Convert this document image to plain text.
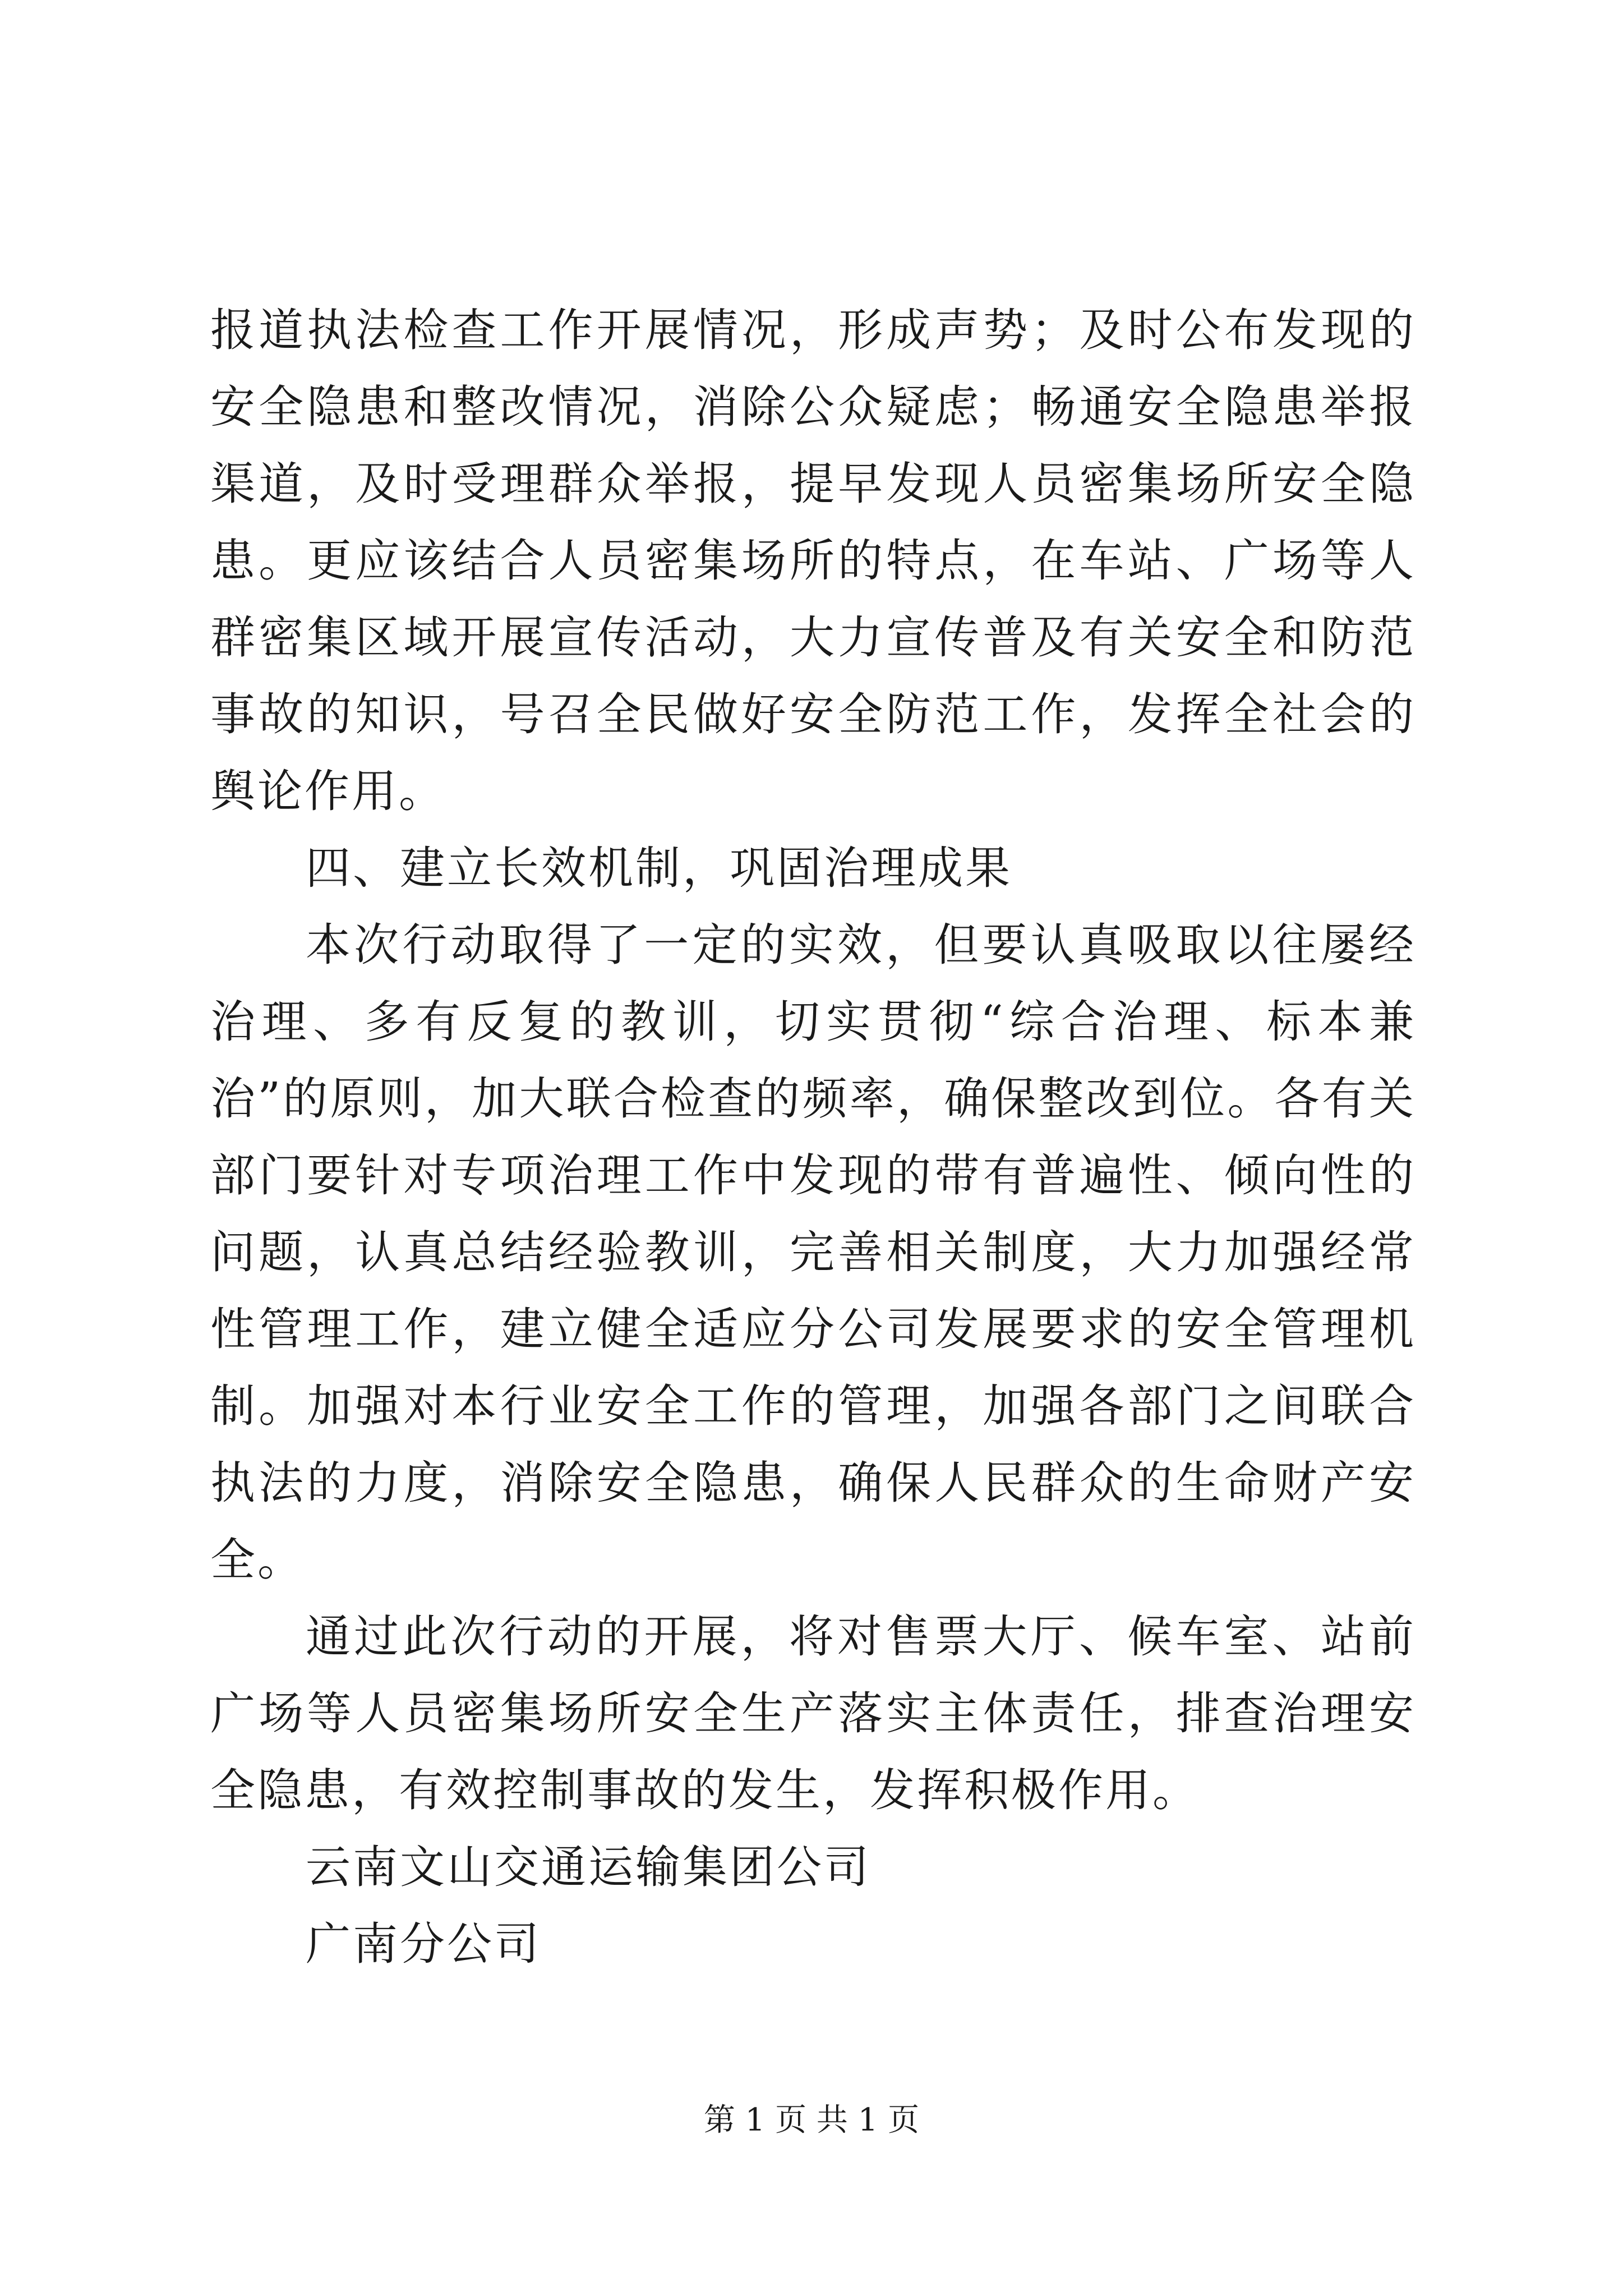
报道执法检查工作开展情况，形成声势；及时公布发现的安全隐患和整改情况，消除公众疑虑；畅通安全隐患举报渠道，及时受理群众举报，提早发现人员密集场所安全隐患。更应该结合人员密集场所的特点，在车站、广场等人群密集区域开展宣传活动，大力宣传普及有关安全和防范事故的知识，号召全民做好安全防范工作，发挥全社会的舆论作用。

四、建立长效机制，巩固治理成果

本次行动取得了一定的实效，但要认真吸取以往屡经治理、多有反复的教训，切实贯彻“综合治理、标本兼治”的原则，加大联合检查的频率，确保整改到位。各有关部门要针对专项治理工作中发现的带有普遍性、倾向性的问题，认真总结经验教训，完善相关制度，大力加强经常性管理工作，建立健全适应分公司发展要求的安全管理机制。加强对本行业安全工作的管理，加强各部门之间联合执法的力度，消除安全隐患，确保人民群众的生命财产安全。

通过此次行动的开展，将对售票大厅、候车室、站前广场等人员密集场所安全生产落实主体责任，排查治理安全隐患，有效控制事故的发生，发挥积极作用。

云南文山交通运输集团公司

广南分公司

第 1 页 共 1 页
